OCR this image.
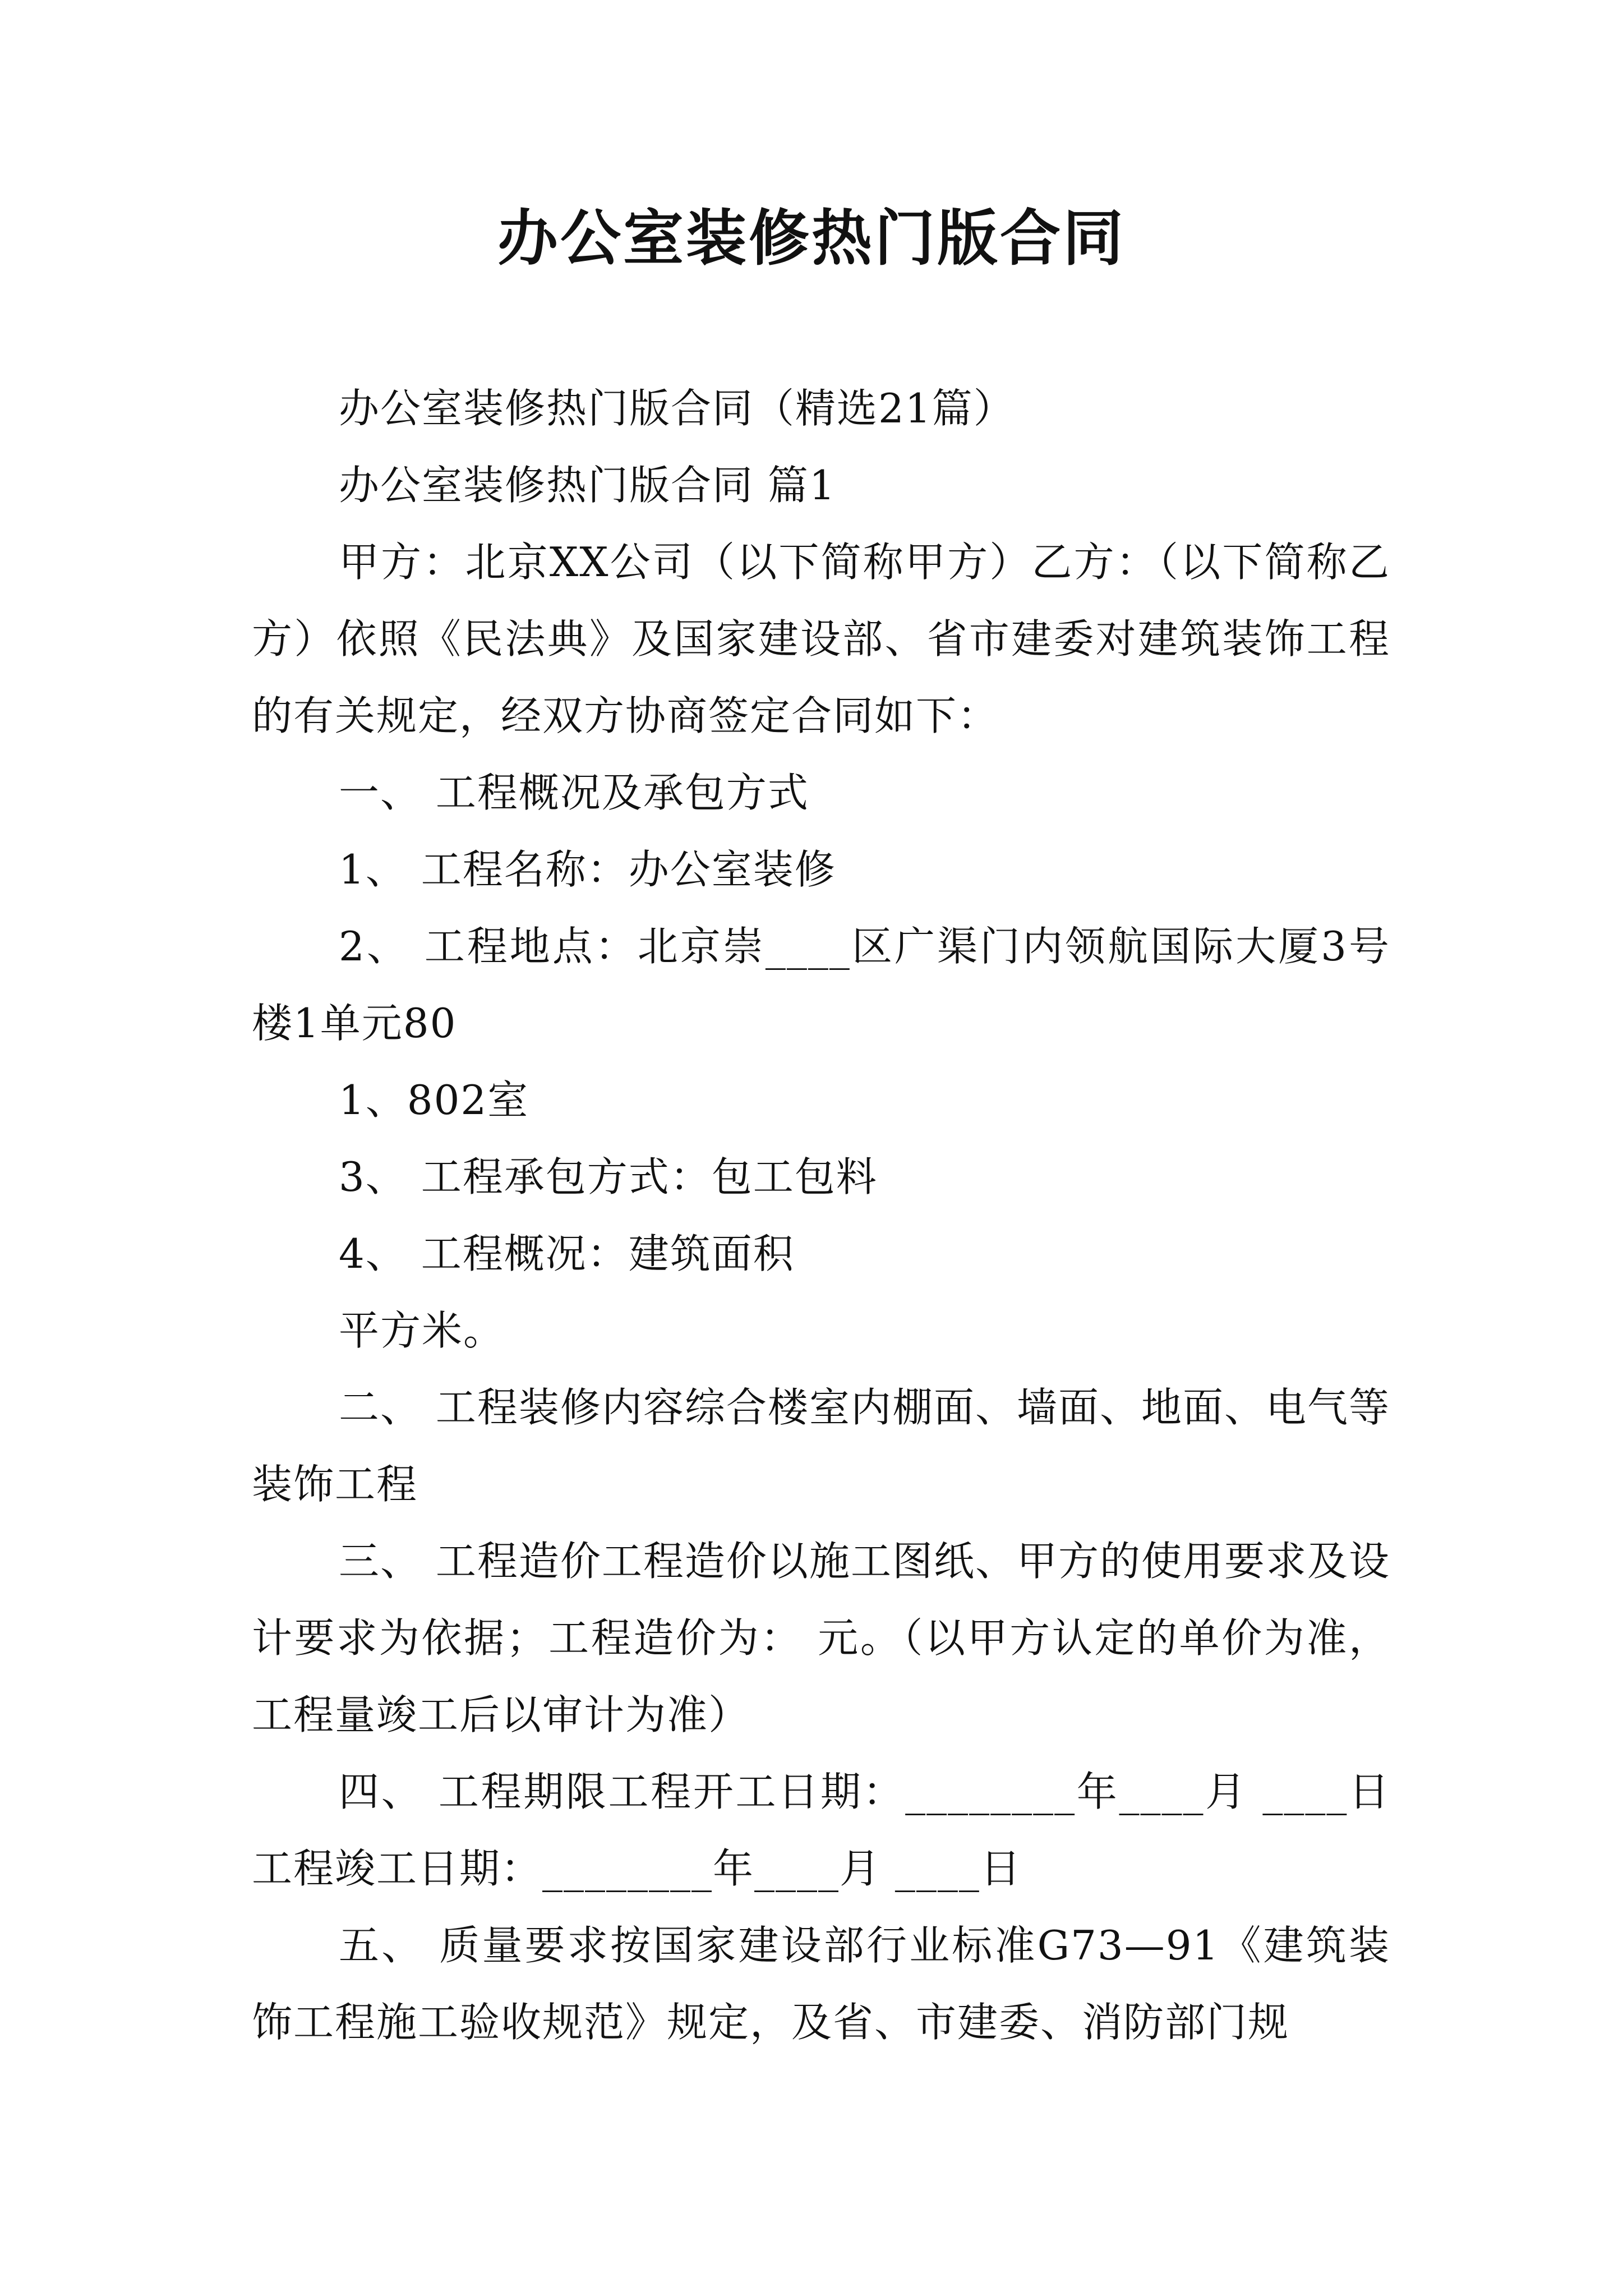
办公室装修热门版合同

办公室装修热门版合同（精选21篇）

办公室装修热门版合同 篇1

甲方：北京XX公司（以下简称甲方）乙方：（以下简称乙方）依照《民法典》及国家建设部、省市建委对建筑装饰工程的有关规定，经双方协商签定合同如下：

一、 工程概况及承包方式

1、 工程名称：办公室装修

2、 工程地点：北京崇____区广渠门内领航国际大厦3号楼1单元80

1、802室

3、 工程承包方式：包工包料

4、 工程概况：建筑面积

平方米。

二、 工程装修内容综合楼室内棚面、墙面、地面、电气等装饰工程

三、 工程造价工程造价以施工图纸、甲方的使用要求及设计要求为依据；工程造价为： 元。（以甲方认定的单价为准，工程量竣工后以审计为准）

四、 工程期限工程开工日期：________年____月 ____日工程竣工日期：________年____月 ____日

五、 质量要求按国家建设部行业标准G73—91《建筑装饰工程施工验收规范》规定，及省、市建委、消防部门规
